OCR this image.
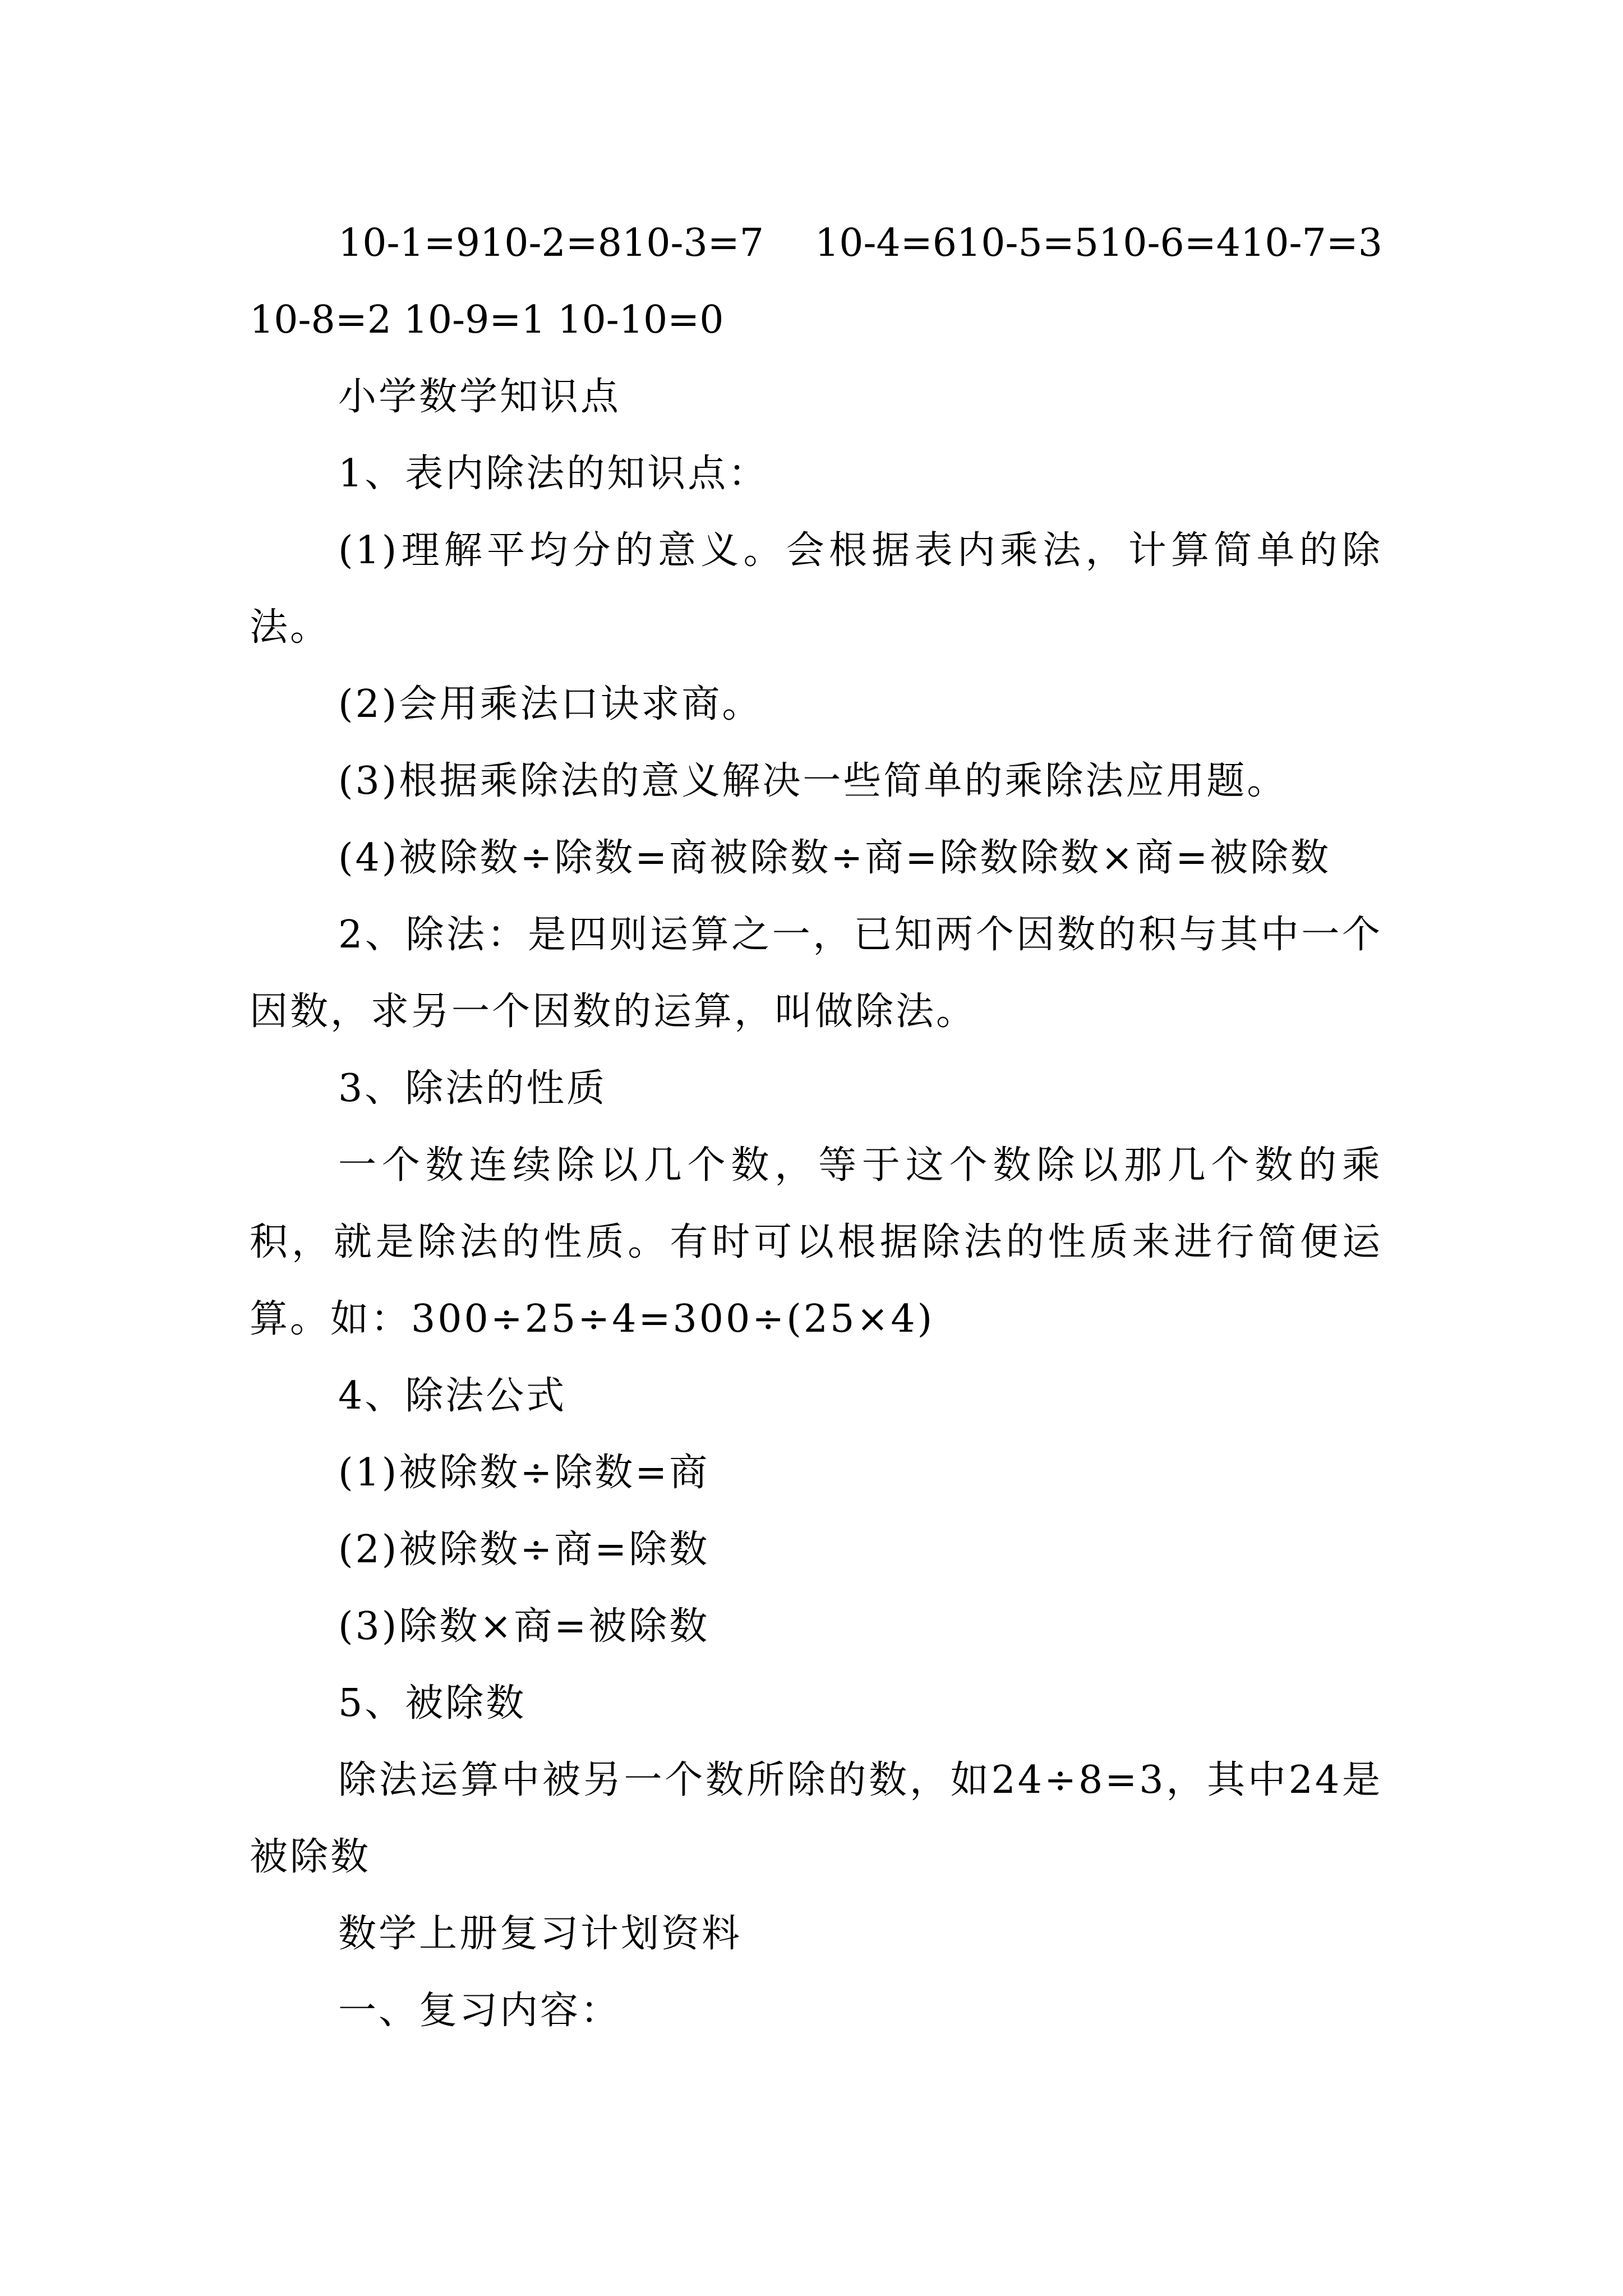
10-1=910-2=810-3=7    10-4=610-5=510-6=410-7=3 10-8=2 10-9=1 10-10=0

小学数学知识点

1、表内除法的知识点：

(1)理解平均分的意义。会根据表内乘法，计算简单的除法。

(2)会用乘法口诀求商。

(3)根据乘除法的意义解决一些简单的乘除法应用题。

(4)被除数÷除数=商被除数÷商=除数除数×商=被除数

2、除法：是四则运算之一，已知两个因数的积与其中一个因数，求另一个因数的运算，叫做除法。

3、除法的性质

一个数连续除以几个数，等于这个数除以那几个数的乘积，就是除法的性质。有时可以根据除法的性质来进行简便运算。如：300÷25÷4=300÷(25×4)

4、除法公式

(1)被除数÷除数=商

(2)被除数÷商=除数

(3)除数×商=被除数

5、被除数

除法运算中被另一个数所除的数，如24÷8=3，其中24是被除数

数学上册复习计划资料

一、复习内容：
